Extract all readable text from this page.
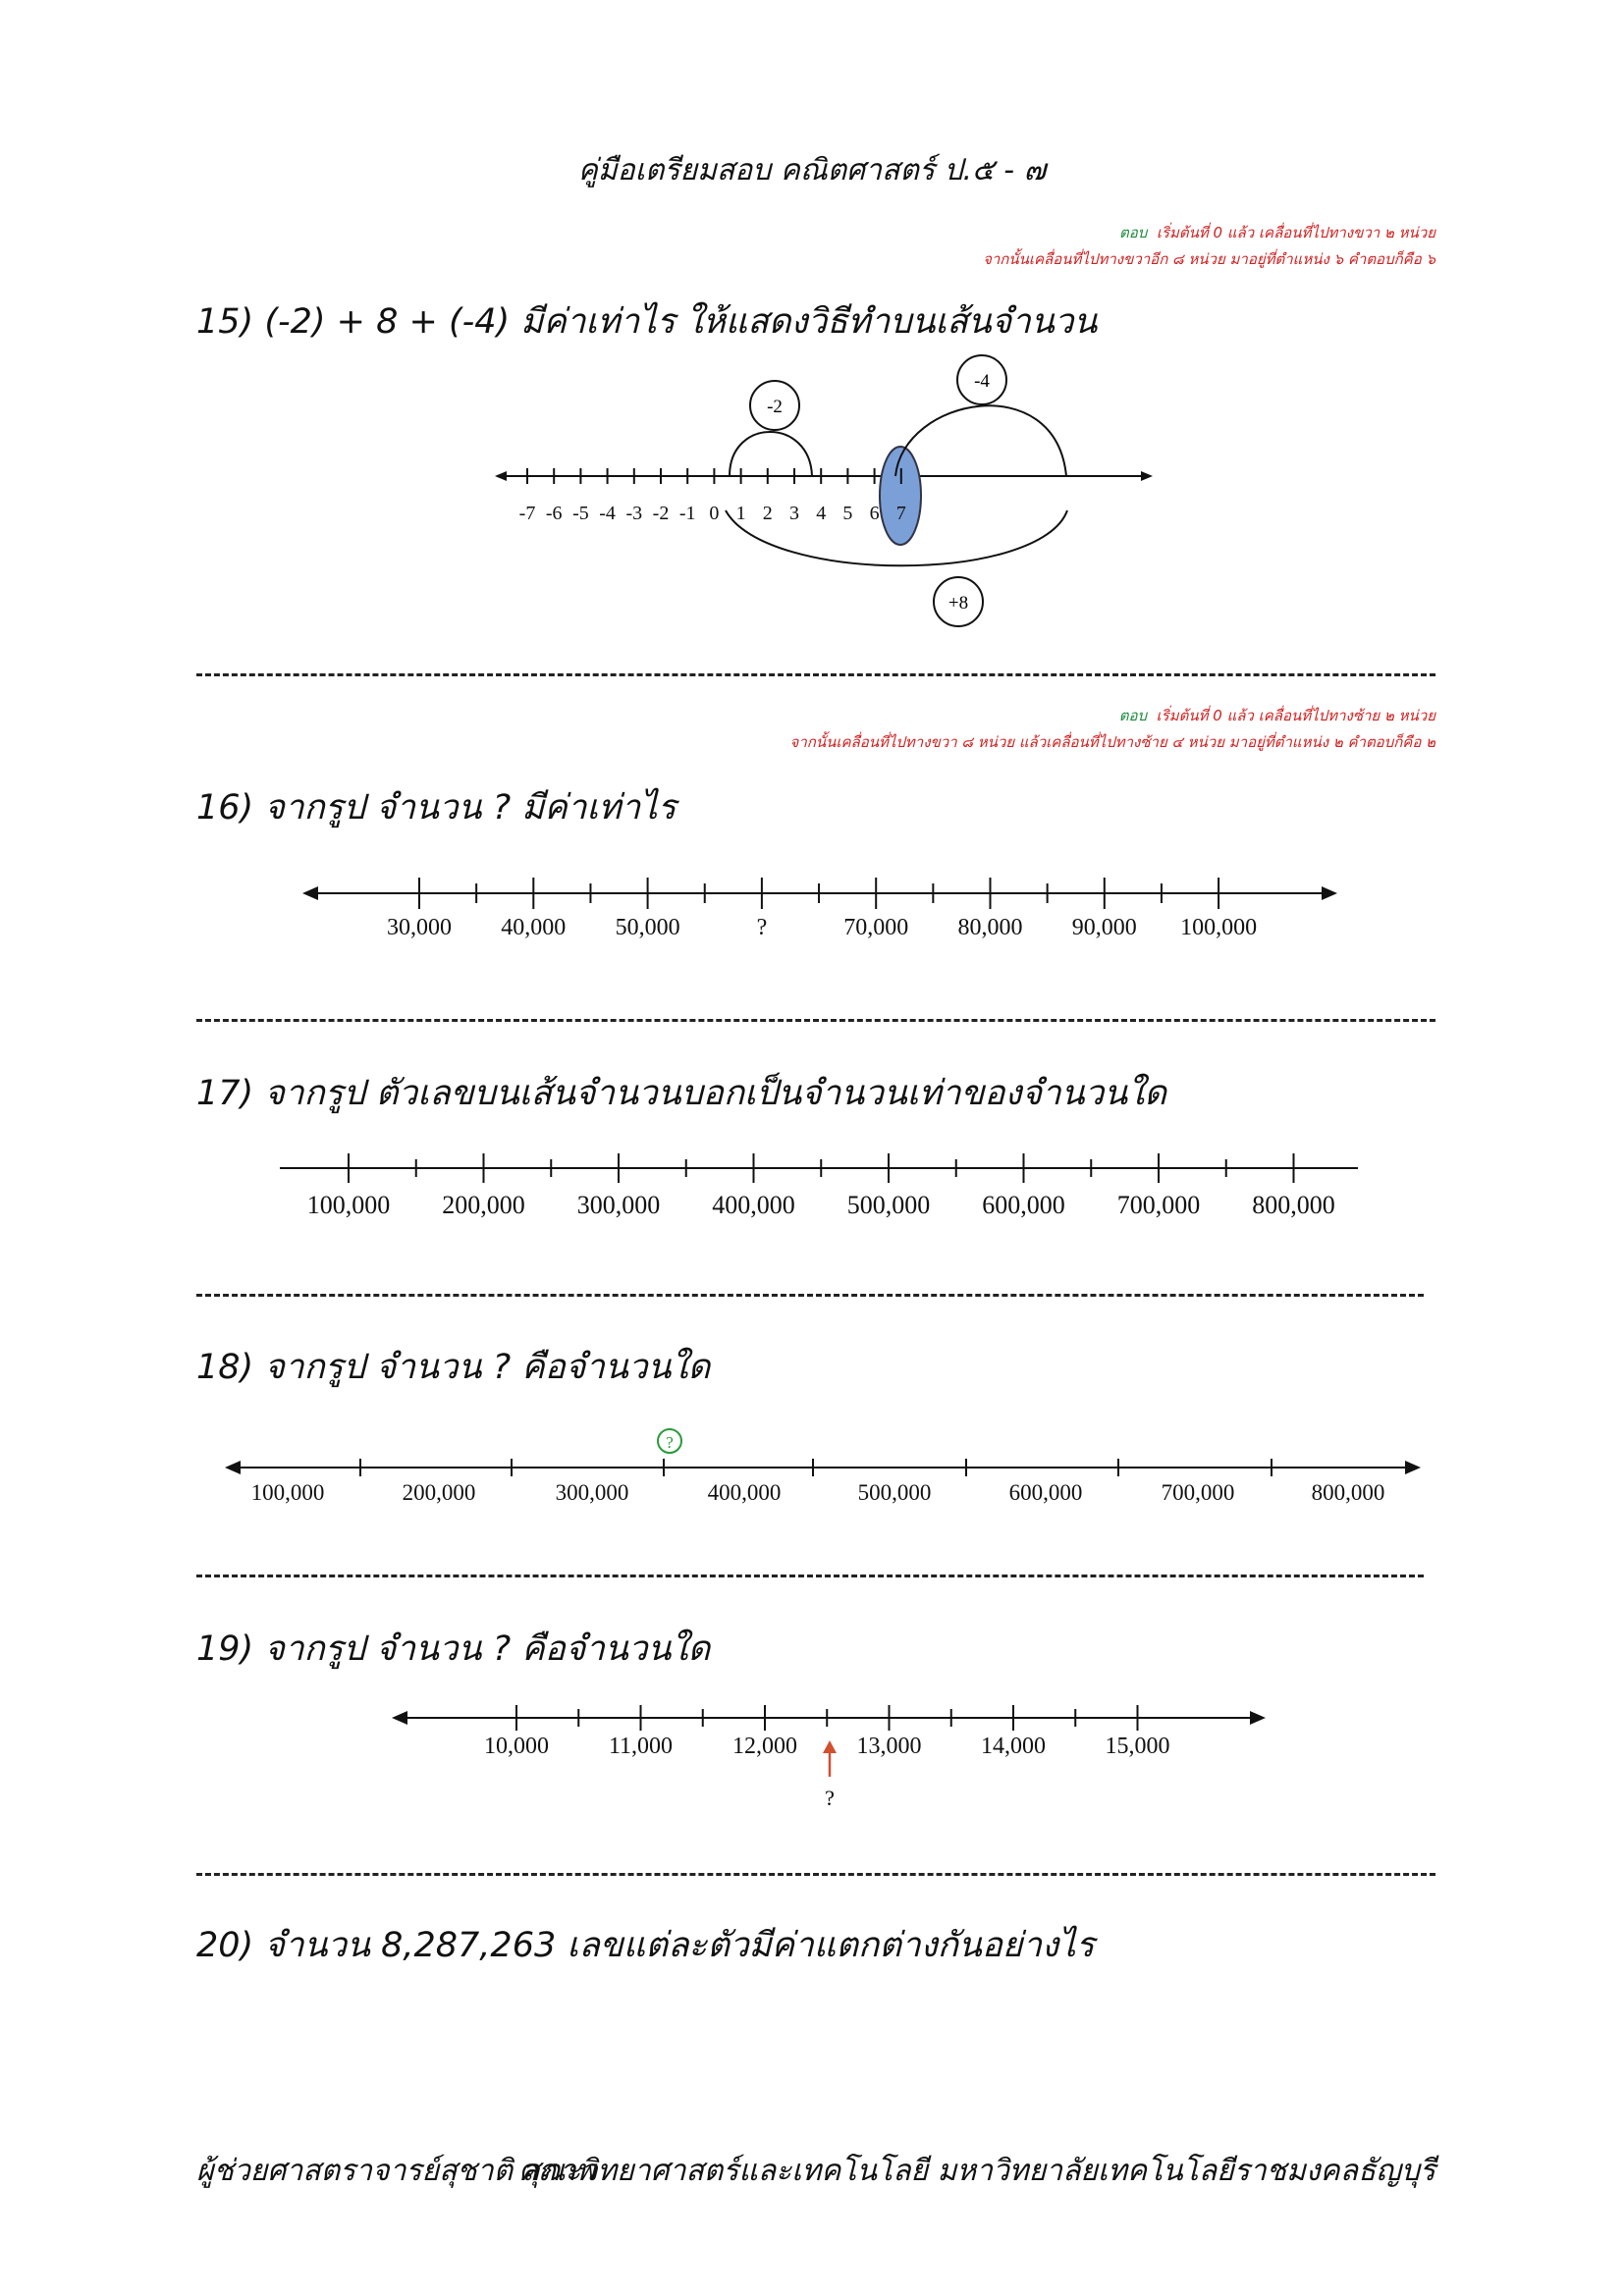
คู่มือเตรียมสอบ คณิตศาสตร์ ป.๕ - ๗
ตอบ เริ่มต้นที่ 0 แล้ว เคลื่อนที่ไปทางขวา ๒ หน่วย
จากนั้นเคลื่อนที่ไปทางขวาอีก ๘ หน่วย มาอยู่ที่ตำแหน่ง ๖ คำตอบก็คือ ๖
15) (-2) + 8 + (-4) มีค่าเท่าไร ให้แสดงวิธีทำบนเส้นจำนวน
-7 -6 -5 -4 -3 -2 -1 0 1 2 3 4 5 6 7
-2
-4
+8
ตอบ เริ่มต้นที่ 0 แล้ว เคลื่อนที่ไปทางซ้าย ๒ หน่วย
จากนั้นเคลื่อนที่ไปทางขวา ๘ หน่วย แล้วเคลื่อนที่ไปทางซ้าย ๔ หน่วย มาอยู่ที่ตำแหน่ง ๒ คำตอบก็คือ ๒
16) จากรูป จำนวน ? มีค่าเท่าไร
30,000 40,000 50,000	?	70,000 80,000 90,000 100,000
17) จากรูป ตัวเลขบนเส้นจำนวนบอกเป็นจำนวนเท่าของจำนวนใด
100,000 200,000 300,000 400,000 500,000 600,000 700,000 800,000
18) จากรูป จำนวน ? คือจำนวนใด
100,000	200,000	300,000	400,000	500,000	600,000	700,000	800,000
?
19) จากรูป จำนวน ? คือจำนวนใด
10,000	11,000	12,000	13,000	14,000	15,000
?
20) จำนวน 8,287,263 เลขแต่ละตัวมีค่าแตกต่างกันอย่างไร
ผู้ช่วยศาสตราจารย์สุชาติ สุภาพ
คณะวิทยาศาสตร์และเทคโนโลยี มหาวิทยาลัยเทคโนโลยีราชมงคลธัญบุรี
